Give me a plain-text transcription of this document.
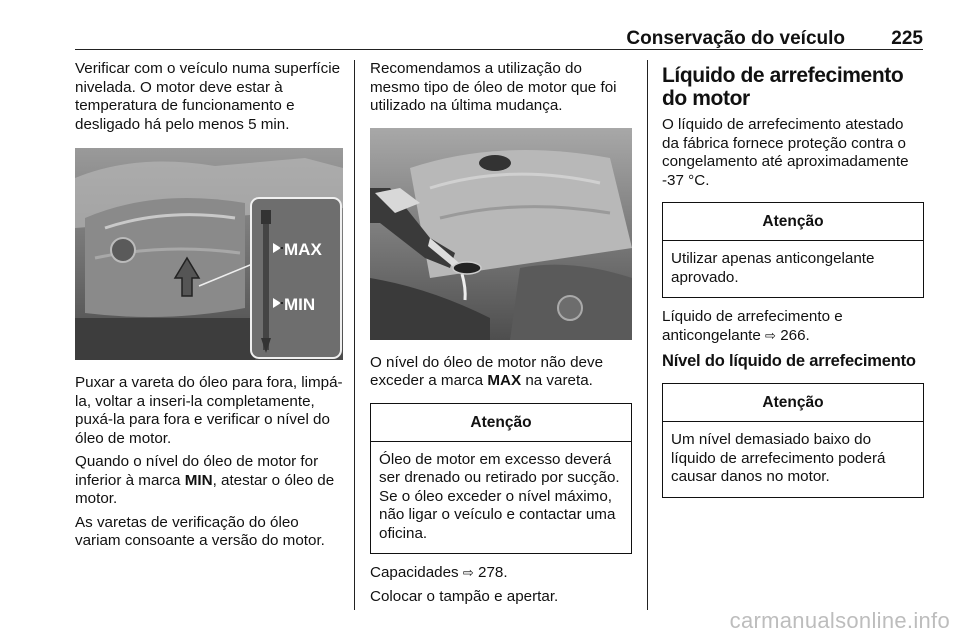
Conservação do veículo 225

Verificar com o veículo numa superfície nivelada. O motor deve estar à temperatura de funcionamento e desligado há pelo menos 5 min.

MAX
MIN

Puxar a vareta do óleo para fora, limpá-la, voltar a inseri-la completamente, puxá-la para fora e verificar o nível do óleo de motor.

Quando o nível do óleo de motor for inferior à marca MIN, atestar o óleo de motor.

As varetas de verificação do óleo variam consoante a versão do motor.

Recomendamos a utilização do mesmo tipo de óleo de motor que foi utilizado na última mudança.

O nível do óleo de motor não deve exceder a marca MAX na vareta.

Atenção
Óleo de motor em excesso deverá ser drenado ou retirado por sucção. Se o óleo exceder o nível máximo, não ligar o veículo e contactar uma oficina.

Capacidades ⇨ 278.

Colocar o tampão e apertar.

Líquido de arrefecimento do motor

O líquido de arrefecimento atestado da fábrica fornece proteção contra o congelamento até aproximadamente -37 °C.

Atenção
Utilizar apenas anticongelante aprovado.

Líquido de arrefecimento e anticongelante ⇨ 266.

Nível do líquido de arrefecimento
Atenção
Um nível demasiado baixo do líquido de arrefecimento poderá causar danos no motor.
carmanualsonline.info
